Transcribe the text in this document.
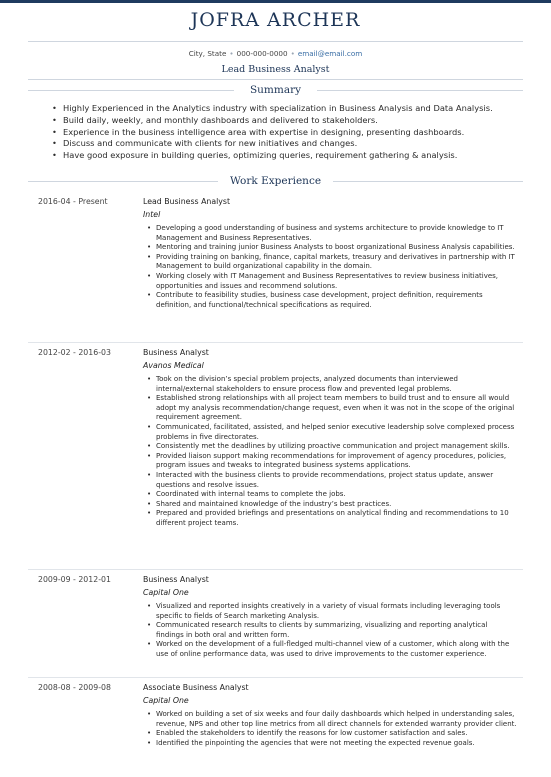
JOFRA ARCHER
City, State • 000-000-0000 • email@email.com
Lead Business Analyst
Summary
• Highly Experienced in the Analytics industry with specialization in Business Analysis and Data Analysis.
• Build daily, weekly, and monthly dashboards and delivered to stakeholders.
• Experience in the business intelligence area with expertise in designing, presenting dashboards.
• Discuss and communicate with clients for new initiatives and changes.
• Have good exposure in building queries, optimizing queries, requirement gathering & analysis.
Work Experience
2016-04 - Present	Lead Business Analyst
Intel
• Developing a good understanding of business and systems architecture to provide knowledge to IT Management and Business Representatives.
• Mentoring and training junior Business Analysts to boost organizational Business Analysis capabilities.
• Providing training on banking, finance, capital markets, treasury and derivatives in partnership with IT Management to build organizational capability in the domain.
• Working closely with IT Management and Business Representatives to review business initiatives, opportunities and issues and recommend solutions.
• Contribute to feasibility studies, business case development, project definition, requirements definition, and functional/technical specifications as required.
2012-02 - 2016-03	Business Analyst
Avanos Medical
• Took on the division’s special problem projects, analyzed documents than interviewed internal/external stakeholders to ensure process flow and prevented legal problems.
• Established strong relationships with all project team members to build trust and to ensure all would adopt my analysis recommendation/change request, even when it was not in the scope of the original requirement agreement.
• Communicated, facilitated, assisted, and helped senior executive leadership solve complexed process problems in five directorates.
• Consistently met the deadlines by utilizing proactive communication and project management skills.
• Provided liaison support making recommendations for improvement of agency procedures, policies, program issues and tweaks to integrated business systems applications.
• Interacted with the business clients to provide recommendations, project status update, answer questions and resolve issues.
• Coordinated with internal teams to complete the jobs.
• Shared and maintained knowledge of the industry’s best practices.
• Prepared and provided briefings and presentations on analytical finding and recommendations to 10 different project teams.
2009-09 - 2012-01	Business Analyst
Capital One
• Visualized and reported insights creatively in a variety of visual formats including leveraging tools specific to fields of Search marketing Analysis.
• Communicated research results to clients by summarizing, visualizing and reporting analytical findings in both oral and written form.
• Worked on the development of a full-fledged multi-channel view of a customer, which along with the use of online performance data, was used to drive improvements to the customer experience.
2008-08 - 2009-08	Associate Business Analyst
Capital One
• Worked on building a set of six weeks and four daily dashboards which helped in understanding sales, revenue, NPS and other top line metrics from all direct channels for extended warranty provider client.
• Enabled the stakeholders to identify the reasons for low customer satisfaction and sales.
• Identified the pinpointing the agencies that were not meeting the expected revenue goals.
